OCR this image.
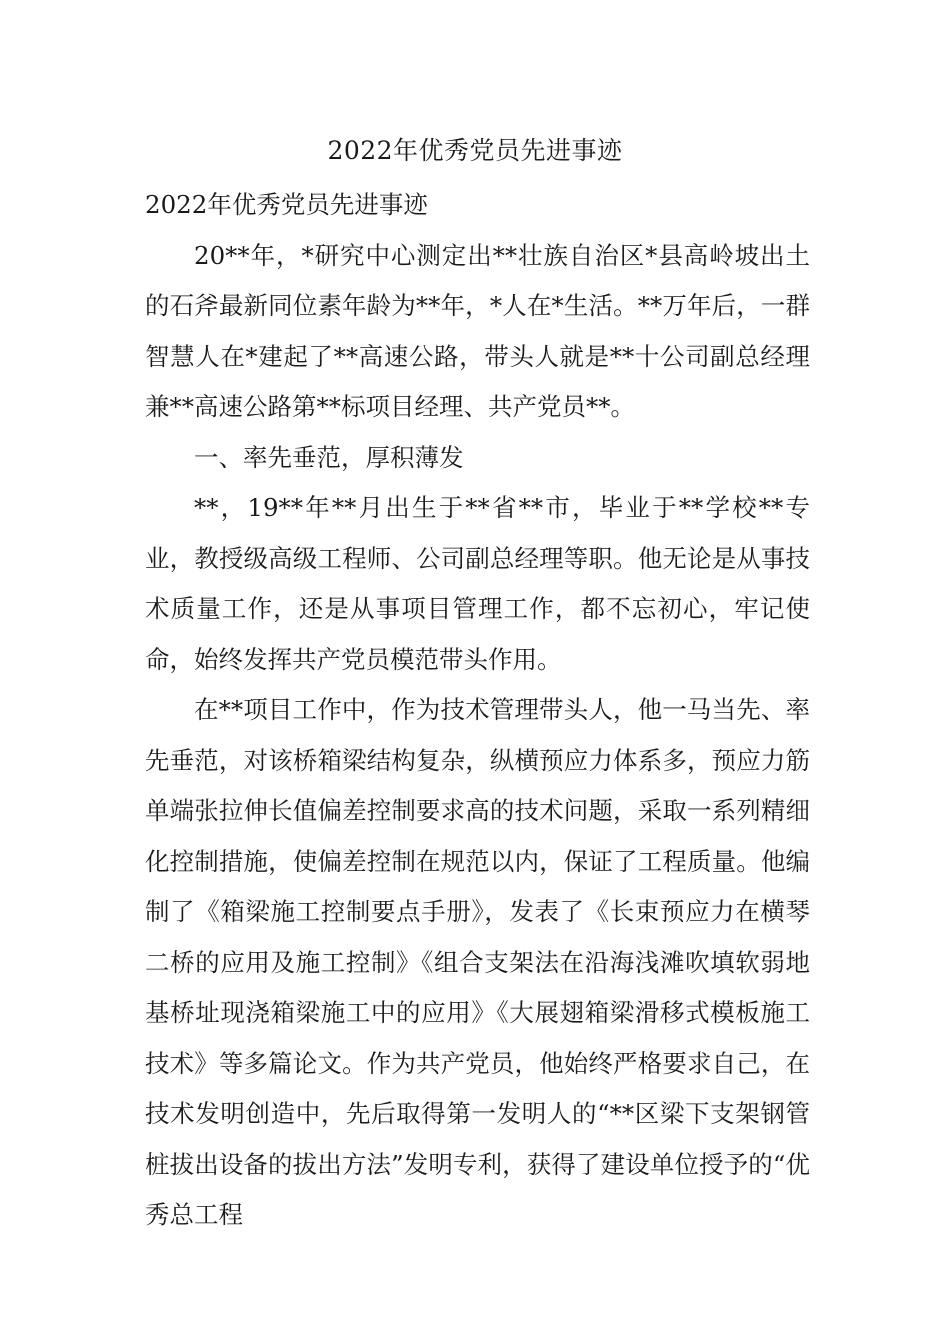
2022年优秀党员先进事迹

2022年优秀党员先进事迹

20**年，*研究中心测定出**壮族自治区*县高岭坡出土的石斧最新同位素年龄为**年，*人在*生活。**万年后，一群智慧人在*建起了**高速公路，带头人就是**十公司副总经理兼**高速公路第**标项目经理、共产党员**。

一、率先垂范，厚积薄发

**，19**年**月出生于**省**市，毕业于**学校**专业，教授级高级工程师、公司副总经理等职。他无论是从事技术质量工作，还是从事项目管理工作，都不忘初心，牢记使命，始终发挥共产党员模范带头作用。

在**项目工作中，作为技术管理带头人，他一马当先、率先垂范，对该桥箱梁结构复杂，纵横预应力体系多，预应力筋单端张拉伸长值偏差控制要求高的技术问题，采取一系列精细化控制措施，使偏差控制在规范以内，保证了工程质量。他编制了《箱梁施工控制要点手册》，发表了《长束预应力在横琴二桥的应用及施工控制》《组合支架法在沿海浅滩吹填软弱地基桥址现浇箱梁施工中的应用》《大展翅箱梁滑移式模板施工技术》等多篇论文。作为共产党员，他始终严格要求自己，在技术发明创造中，先后取得第一发明人的“**区梁下支架钢管桩拔出设备的拔出方法”发明专利，获得了建设单位授予的“优秀总工程
